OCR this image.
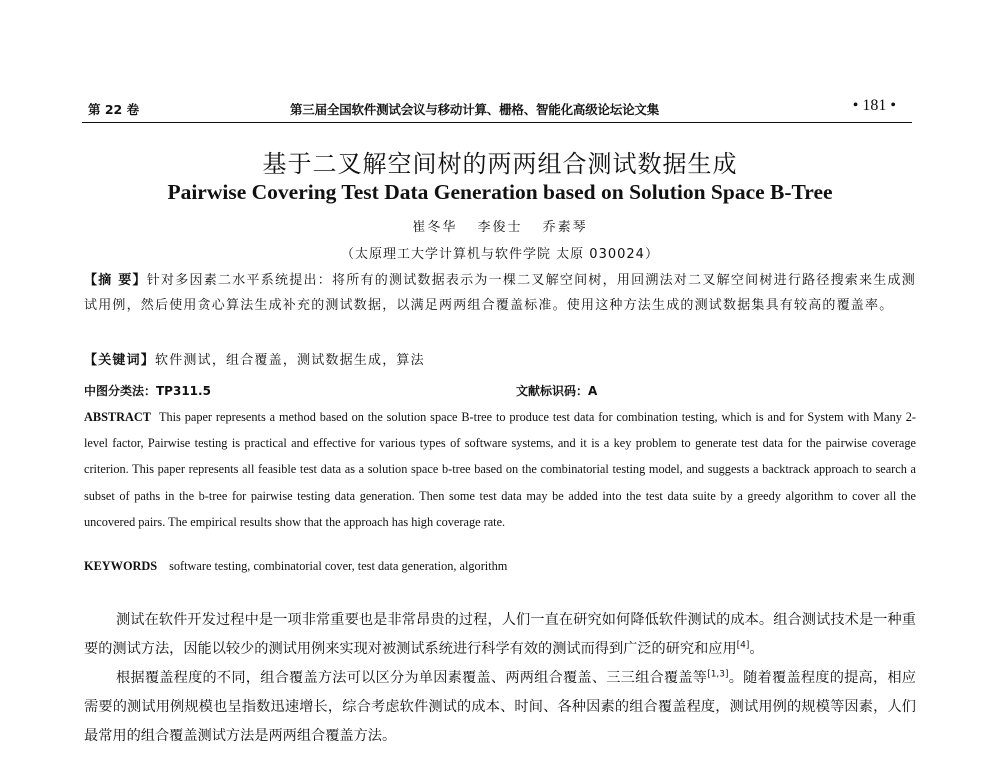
第 22 卷	第三届全国软件测试会议与移动计算、栅格、智能化高级论坛论文集	• 181 •
基于二叉解空间树的两两组合测试数据生成
Pairwise Covering Test Data Generation based on Solution Space B-Tree
崔冬华 李俊士 乔素琴
（太原理工大学计算机与软件学院 太原 030024）
【摘 要】针对多因素二水平系统提出：将所有的测试数据表示为一棵二叉解空间树，用回溯法对二叉解空间树进行路径搜索来生成测试用例，然后使用贪心算法生成补充的测试数据，以满足两两组合覆盖标准。使用这种方法生成的测试数据集具有较高的覆盖率。
【关键词】软件测试，组合覆盖，测试数据生成，算法
中图分类法：TP311.5	文献标识码：A
ABSTRACT This paper represents a method based on the solution space B-tree to produce test data for combination testing, which is and for System with Many 2-level factor, Pairwise testing is practical and effective for various types of software systems, and it is a key problem to generate test data for the pairwise coverage criterion. This paper represents all feasible test data as a solution space b-tree based on the combinatorial testing model, and suggests a backtrack approach to search a subset of paths in the b-tree for pairwise testing data generation. Then some test data may be added into the test data suite by a greedy algorithm to cover all the uncovered pairs. The empirical results show that the approach has high coverage rate.
KEYWORDS software testing, combinatorial cover, test data generation, algorithm

测试在软件开发过程中是一项非常重要也是非常昂贵的过程，人们一直在研究如何降低软件测试的成本。组合测试技术是一种重要的测试方法，因能以较少的测试用例来实现对被测试系统进行科学有效的测试而得到广泛的研究和应用[4]。

根据覆盖程度的不同，组合覆盖方法可以区分为单因素覆盖、两两组合覆盖、三三组合覆盖等[1,3]。随着覆盖程度的提高，相应需要的测试用例规模也呈指数迅速增长，综合考虑软件测试的成本、时间、各种因素的组合覆盖程度，测试用例的规模等因素，人们最常用的组合覆盖测试方法是两两组合覆盖方法。
